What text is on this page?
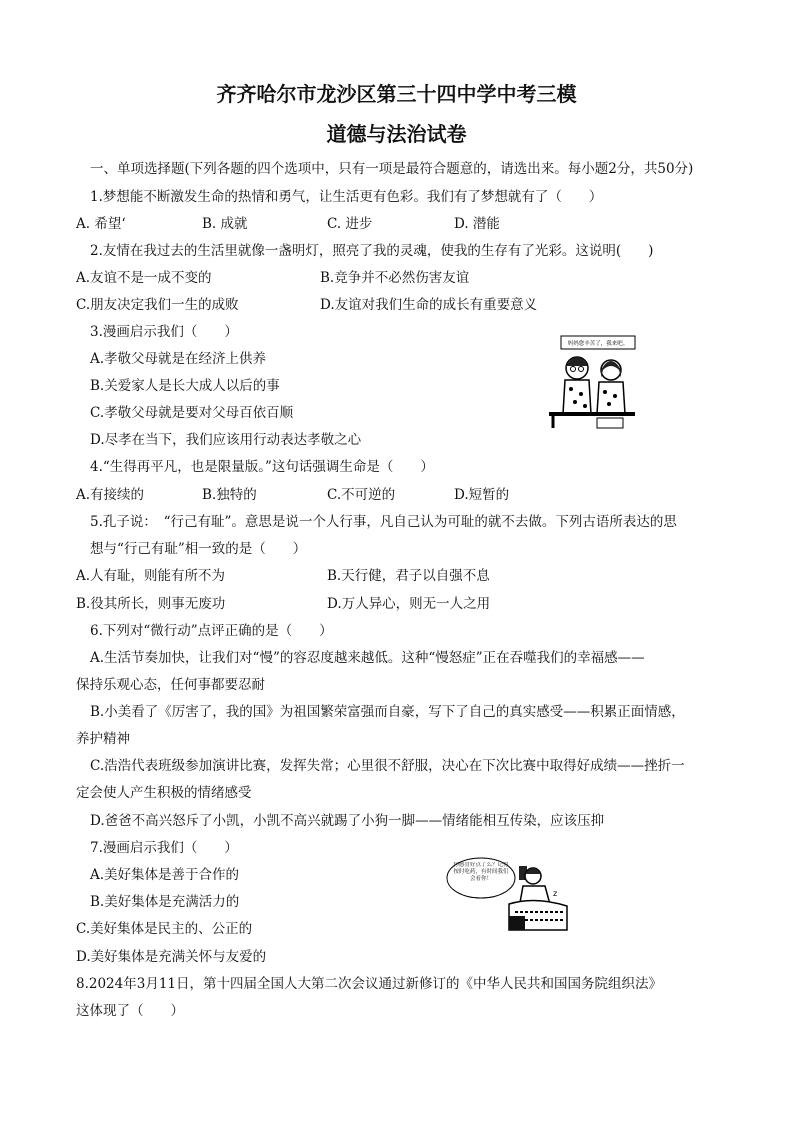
齐齐哈尔市龙沙区第三十四中学中考三模
道德与法治试卷
一、单项选择题(下列各题的四个选项中，只有一项是最符合题意的，请选出来。每小题2分，共50分)
1.梦想能不断激发生命的热情和勇气，让生活更有色彩。我们有了梦想就有了（　　）
A. 希望‘	B. 成就	C. 进步	D. 潜能
2.友情在我过去的生活里就像一盏明灯，照亮了我的灵魂，使我的生存有了光彩。这说明(　　)
A.友谊不是一成不变的	B.竞争并不必然伤害友谊
C.朋友决定我们一生的成败	D.友谊对我们生命的成长有重要意义
3.漫画启示我们（　　）
A.孝敬父母就是在经济上供养
B.关爱家人是长大成人以后的事
C.孝敬父母就是要对父母百依百顺
D.尽孝在当下，我们应该用行动表达孝敬之心
妈妈您辛苦了，我来吧。
4.“生得再平凡，也是限量版。”这句话强调生命是（　　）
A.有接续的	B.独特的	C.不可逆的	D.短暂的
5.孔子说：　“行己有耻”。意思是说一个人行事，凡自己认为可耻的就不去做。下列古语所表达的思
想与“行己有耻”相一致的是（　　）
A.人有耻，则能有所不为	B.天行健，君子以自强不息
B.役其所长，则事无废功	D.万人异心，则无一人之用
6.下列对“微行动”点评正确的是（　　）
A.生活节奏加快，让我们对“慢”的容忍度越来越低。这种“慢怒症”正在吞噬我们的幸福感——
保持乐观心态，任何事都要忍耐
B.小美看了《厉害了，我的国》为祖国繁荣富强而自豪，写下了自己的真实感受——积累正面情感，
养护精神
C.浩浩代表班级参加演讲比赛，发挥失常；心里很不舒服，决心在下次比赛中取得好成绩——挫折一
定会使人产生积极的情绪感受
D.爸爸不高兴怒斥了小凯，小凯不高兴就踢了小狗一脚——情绪能相互传染，应该压抑
7.漫画启示我们（　　）
A.美好集体是善于合作的
B.美好集体是充满活力的
C.美好集体是民主的、公正的
D.美好集体是充满关怀与友爱的
你感冒好点了么？记得按时吃药，有时间我们会看你！
z
8.2024年3月11日，第十四届全国人大第二次会议通过新修订的《中华人民共和国国务院组织法》
这体现了（　　）
